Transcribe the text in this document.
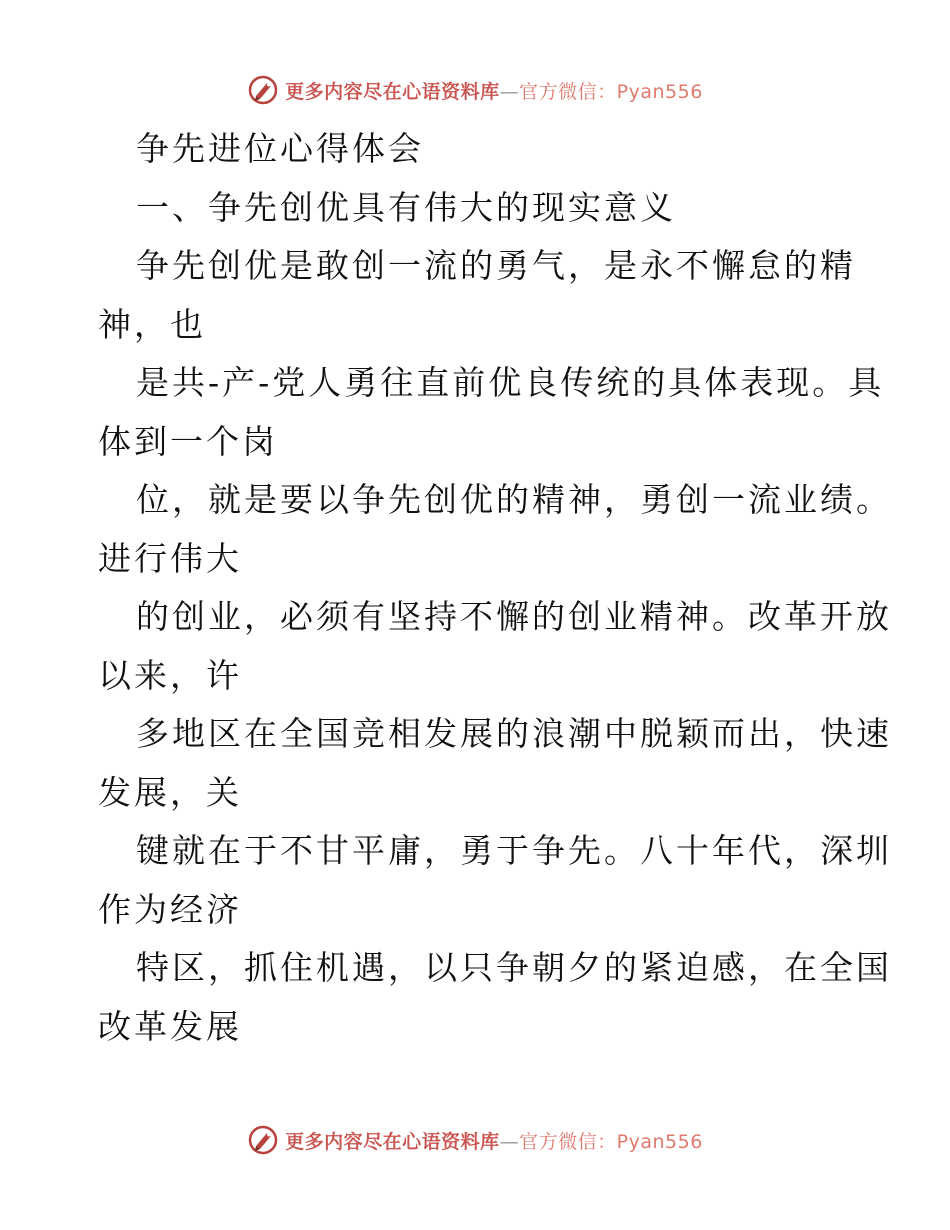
更多内容尽在心语资料库—官方微信：Pyan556
争先进位心得体会
一、争先创优具有伟大的现实意义
争先创优是敢创一流的勇气，是永不懈怠的精
神，也
是共-产-党人勇往直前优良传统的具体表现。具
体到一个岗
位，就是要以争先创优的精神，勇创一流业绩。
进行伟大
的创业，必须有坚持不懈的创业精神。改革开放
以来，许
多地区在全国竞相发展的浪潮中脱颖而出，快速
发展，关
键就在于不甘平庸，勇于争先。八十年代，深圳
作为经济
特区，抓住机遇，以只争朝夕的紧迫感，在全国
改革发展
更多内容尽在心语资料库—官方微信：Pyan556
